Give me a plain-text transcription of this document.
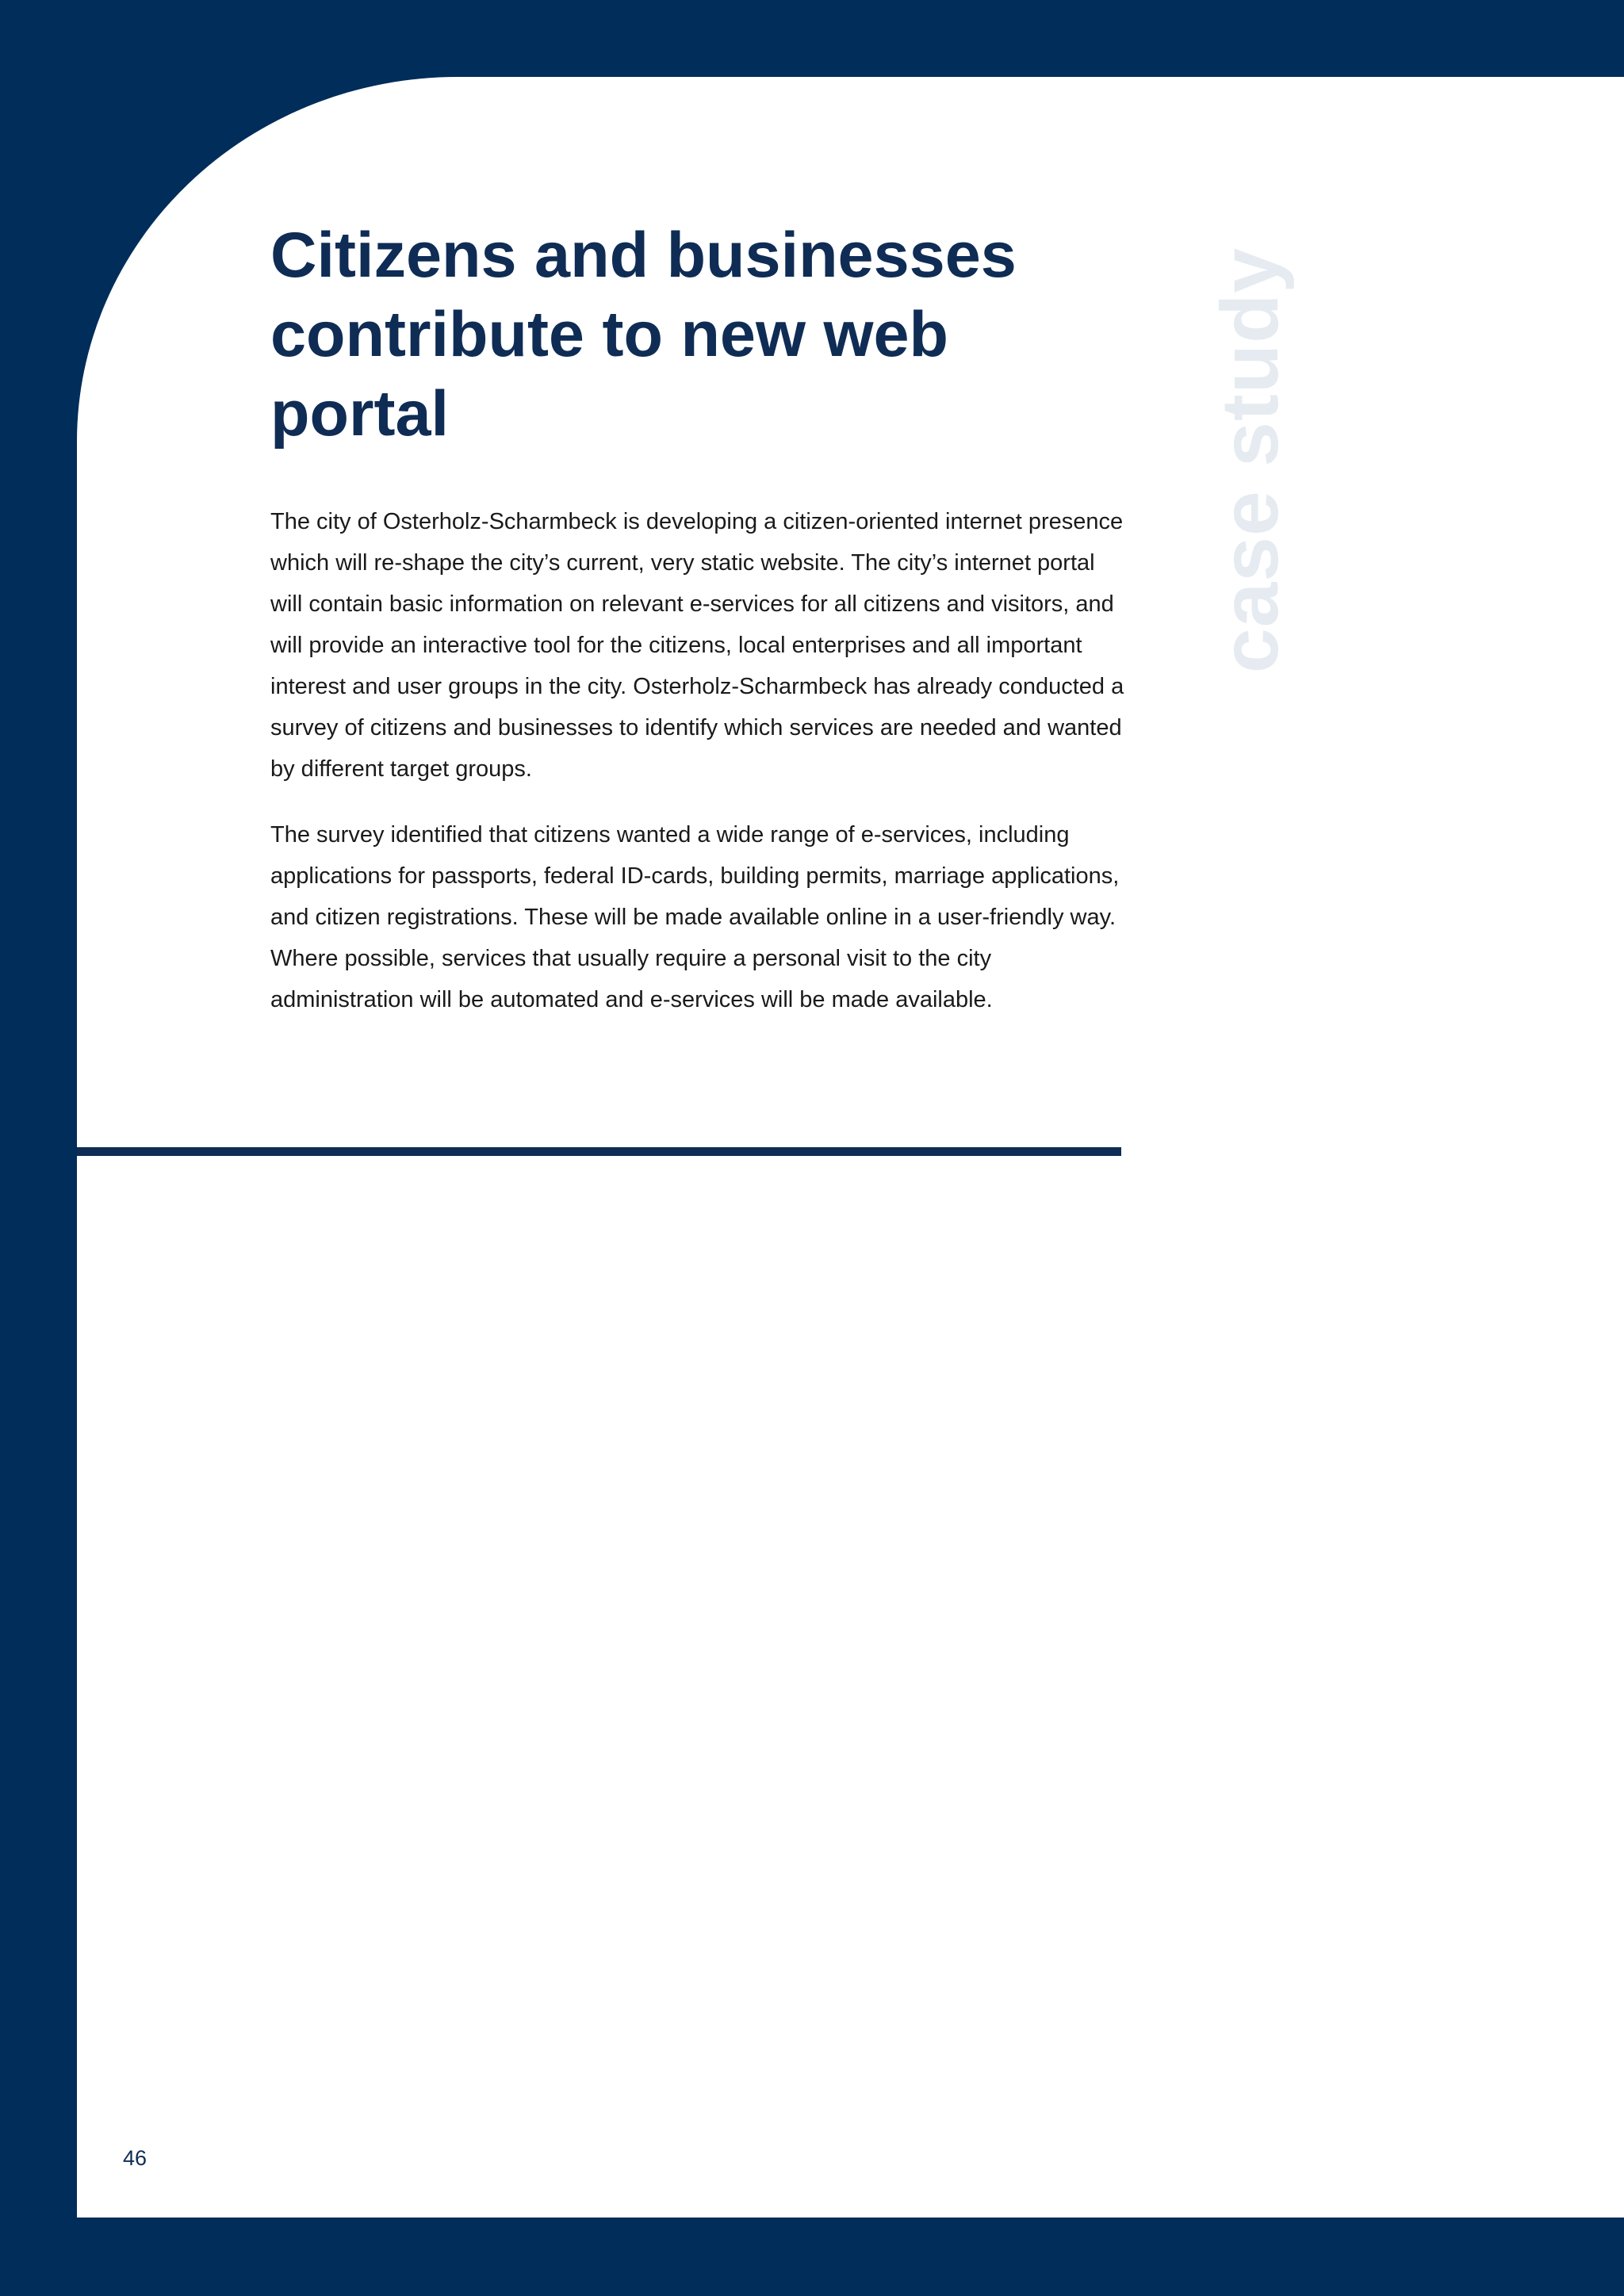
case study
Citizens and businesses contribute to new web portal

The city of Osterholz-Scharmbeck is developing a citizen-oriented internet presence which will re-shape the city’s current, very static website. The city’s internet portal will contain basic information on relevant e-services for all citizens and visitors, and will provide an interactive tool for the citizens, local enterprises and all important interest and user groups in the city. Osterholz-Scharmbeck has already conducted a survey of citizens and businesses to identify which services are needed and wanted by different target groups.

The survey identified that citizens wanted a wide range of e-services, including applications for passports, federal ID-cards, building permits, marriage applications, and citizen registrations. These will be made available online in a user-friendly way. Where possible, services that usually require a personal visit to the city administration will be automated and e-services will be made available.

46
